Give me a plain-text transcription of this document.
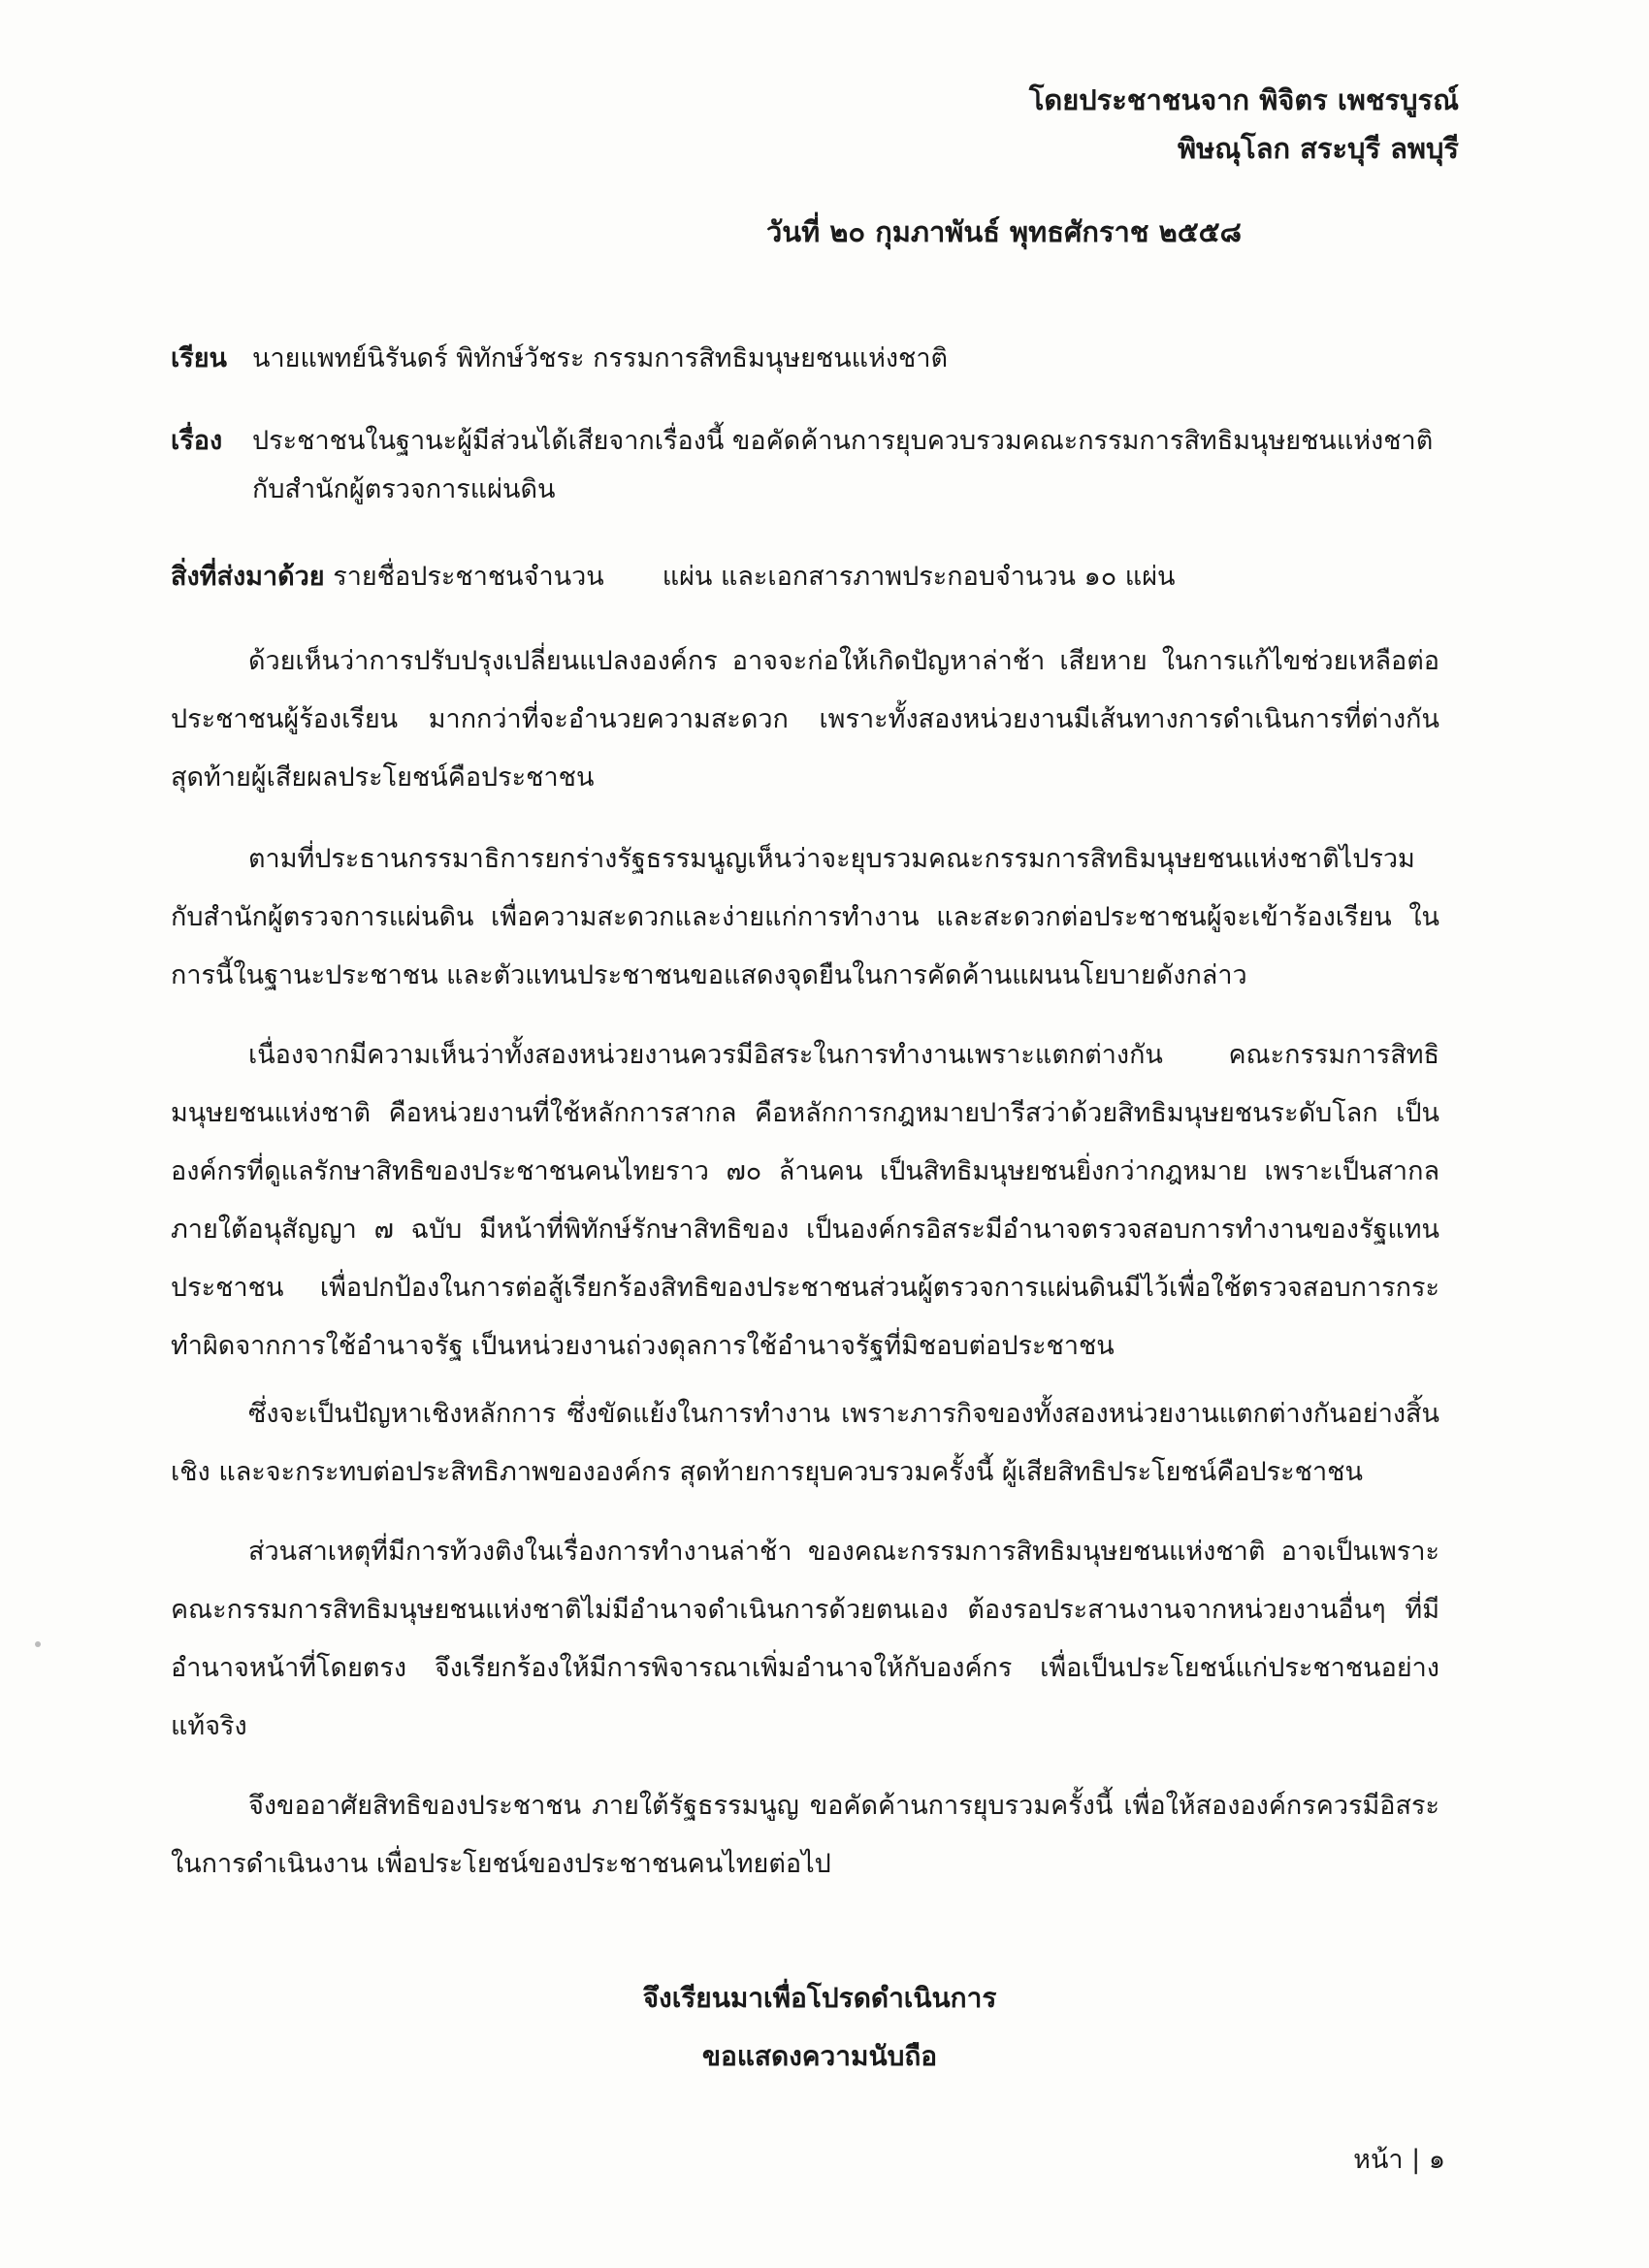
โดยประชาชนจาก พิจิตร เพชรบูรณ์
พิษณุโลก สระบุรี ลพบุรี
วันที่ ๒๐ กุมภาพันธ์ พุทธศักราช ๒๕๕๘
เรียน นายแพทย์นิรันดร์ พิทักษ์วัชระ กรรมการสิทธิมนุษยชนแห่งชาติ
เรื่อง	ประชาชนในฐานะผู้มีส่วนได้เสียจากเรื่องนี้ ขอคัดค้านการยุบควบรวมคณะกรรมการสิทธิมนุษยชนแห่งชาติกับสำนักผู้ตรวจการแผ่นดิน
สิ่งที่ส่งมาด้วย รายชื่อประชาชนจำนวน แผ่น และเอกสารภาพประกอบจำนวน ๑๐ แผ่น

ด้วยเห็นว่าการปรับปรุงเปลี่ยนแปลงองค์กร อาจจะก่อให้เกิดปัญหาล่าช้า เสียหาย ในการแก้ไขช่วยเหลือต่อประชาชนผู้ร้องเรียน มากกว่าที่จะอำนวยความสะดวก เพราะทั้งสองหน่วยงานมีเส้นทางการดำเนินการที่ต่างกัน สุดท้ายผู้เสียผลประโยชน์คือประชาชน

ตามที่ประธานกรรมาธิการยกร่างรัฐธรรมนูญเห็นว่าจะยุบรวมคณะกรรมการสิทธิมนุษยชนแห่งชาติไปรวมกับสำนักผู้ตรวจการแผ่นดิน เพื่อความสะดวกและง่ายแก่การทำงาน และสะดวกต่อประชาชนผู้จะเข้าร้องเรียน ในการนี้ในฐานะประชาชน และตัวแทนประชาชนขอแสดงจุดยืนในการคัดค้านแผนนโยบายดังกล่าว

เนื่องจากมีความเห็นว่าทั้งสองหน่วยงานควรมีอิสระในการทำงานเพราะแตกต่างกัน คณะกรรมการสิทธิมนุษยชนแห่งชาติ คือหน่วยงานที่ใช้หลักการสากล คือหลักการกฎหมายปารีสว่าด้วยสิทธิมนุษยชนระดับโลก เป็นองค์กรที่ดูแลรักษาสิทธิของประชาชนคนไทยราว ๗๐ ล้านคน เป็นสิทธิมนุษยชนยิ่งกว่ากฎหมาย เพราะเป็นสากลภายใต้อนุสัญญา ๗ ฉบับ มีหน้าที่พิทักษ์รักษาสิทธิของ เป็นองค์กรอิสระมีอำนาจตรวจสอบการทำงานของรัฐแทนประชาชน เพื่อปกป้องในการต่อสู้เรียกร้องสิทธิของประชาชนส่วนผู้ตรวจการแผ่นดินมีไว้เพื่อใช้ตรวจสอบการกระทำผิดจากการใช้อำนาจรัฐ เป็นหน่วยงานถ่วงดุลการใช้อำนาจรัฐที่มิชอบต่อประชาชน

ซึ่งจะเป็นปัญหาเชิงหลักการ ซึ่งขัดแย้งในการทำงาน เพราะภารกิจของทั้งสองหน่วยงานแตกต่างกันอย่างสิ้นเชิง และจะกระทบต่อประสิทธิภาพขององค์กร สุดท้ายการยุบควบรวมครั้งนี้ ผู้เสียสิทธิประโยชน์คือประชาชน

ส่วนสาเหตุที่มีการท้วงติงในเรื่องการทำงานล่าช้า ของคณะกรรมการสิทธิมนุษยชนแห่งชาติ อาจเป็นเพราะคณะกรรมการสิทธิมนุษยชนแห่งชาติไม่มีอำนาจดำเนินการด้วยตนเอง ต้องรอประสานงานจากหน่วยงานอื่นๆ ที่มีอำนาจหน้าที่โดยตรง จึงเรียกร้องให้มีการพิจารณาเพิ่มอำนาจให้กับองค์กร เพื่อเป็นประโยชน์แก่ประชาชนอย่างแท้จริง

จึงขออาศัยสิทธิของประชาชน ภายใต้รัฐธรรมนูญ ขอคัดค้านการยุบรวมครั้งนี้ เพื่อให้สององค์กรควรมีอิสระในการดำเนินงาน เพื่อประโยชน์ของประชาชนคนไทยต่อไป

จึงเรียนมาเพื่อโปรดดำเนินการ
ขอแสดงความนับถือ
หน้า | ๑
